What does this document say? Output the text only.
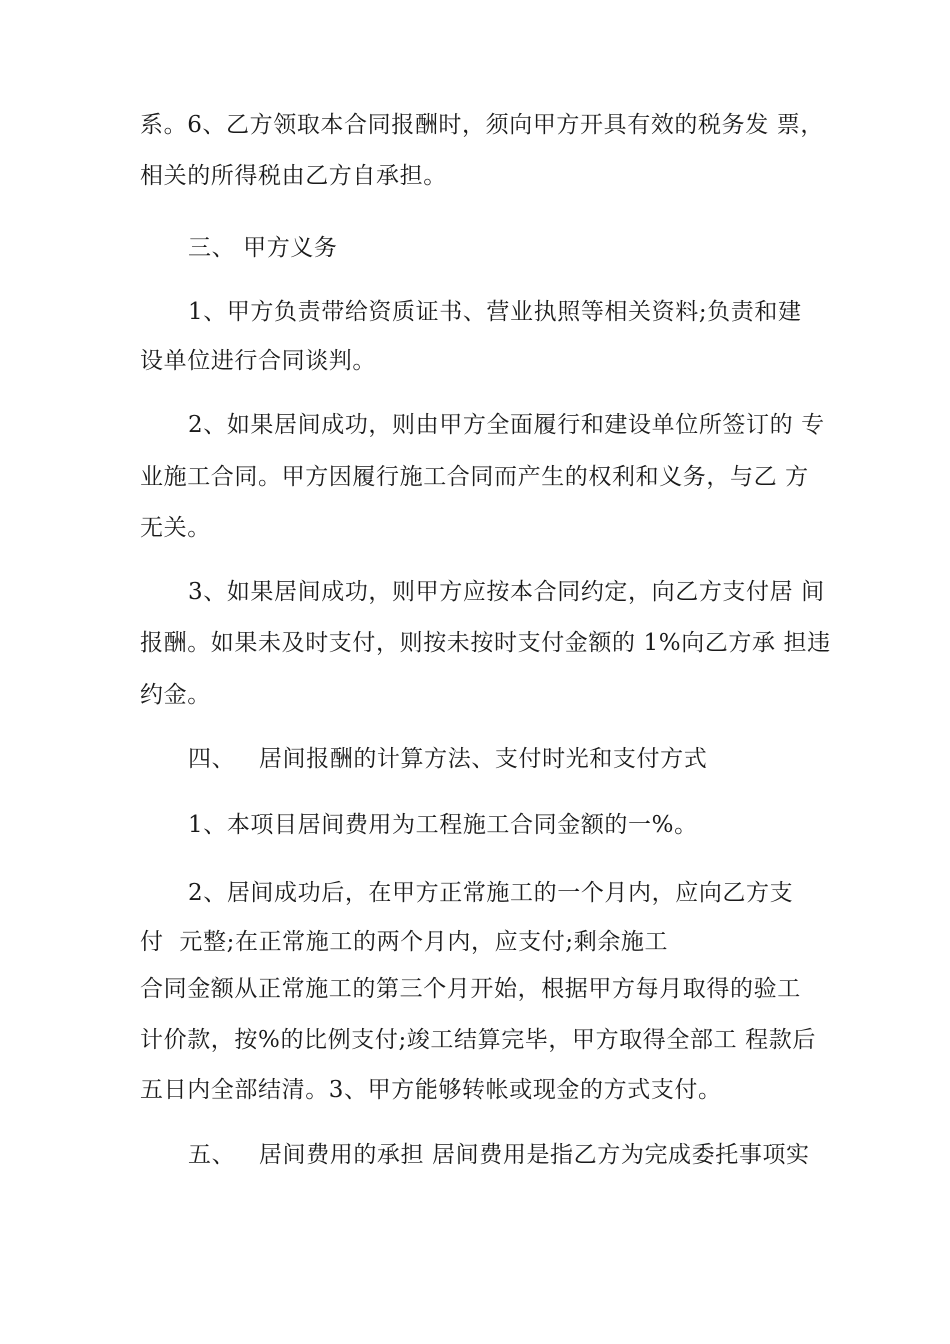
系。6、乙方领取本合同报酬时，须向甲方开具有效的税务发 票，
相关的所得税由乙方自承担。
三、 甲方义务
1、甲方负责带给资质证书、营业执照等相关资料;负责和建
设单位进行合同谈判。
2、如果居间成功，则由甲方全面履行和建设单位所签订的 专
业施工合同。甲方因履行施工合同而产生的权利和义务，与乙 方
无关。
3、如果居间成功，则甲方应按本合同约定，向乙方支付居 间
报酬。如果未及时支付，则按未按时支付金额的 1%向乙方承 担违
约金。
四、   居间报酬的计算方法、支付时光和支付方式
1、本项目居间费用为工程施工合同金额的一%。
2、居间成功后，在甲方正常施工的一个月内，应向乙方支
付  元整;在正常施工的两个月内，应支付;剩余施工
合同金额从正常施工的第三个月开始，根据甲方每月取得的验工
计价款，按%的比例支付;竣工结算完毕，甲方取得全部工 程款后
五日内全部结清。3、甲方能够转帐或现金的方式支付。
五、   居间费用的承担 居间费用是指乙方为完成委托事项实
